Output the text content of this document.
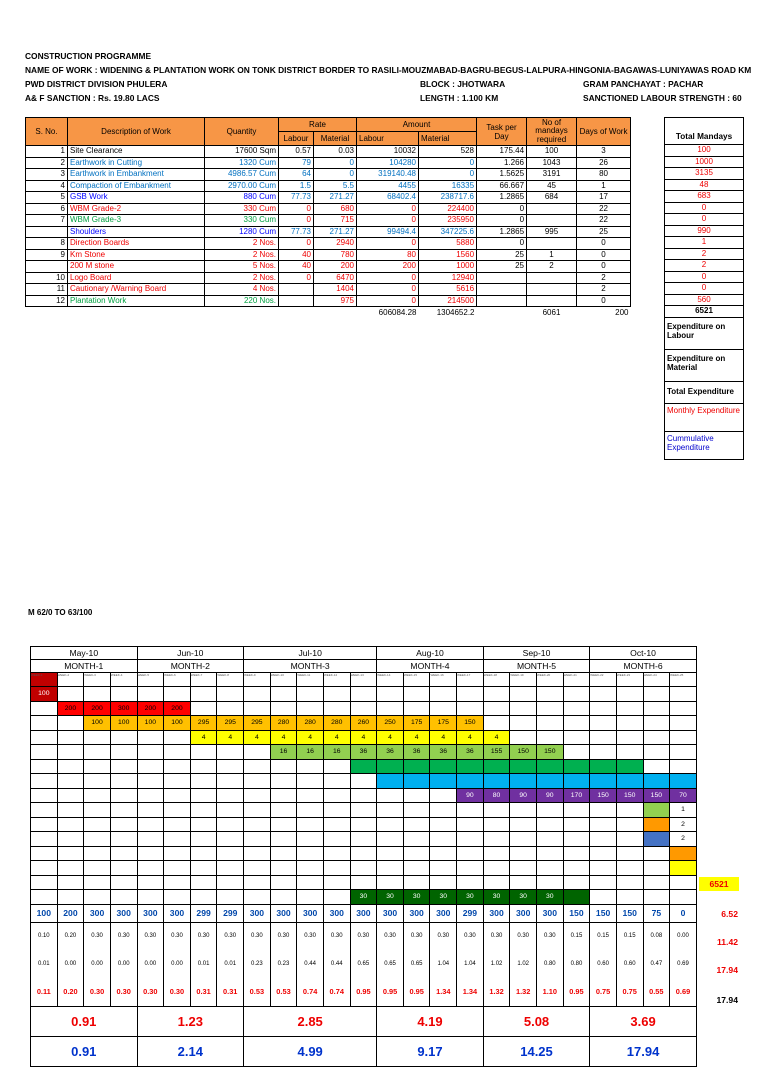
CONSTRUCTION PROGRAMME
NAME OF WORK : WIDENING & PLANTATION WORK ON TONK DISTRICT BORDER TO RASILI-MOUZMABAD-BAGRU-BEGUS-LALPURA-HINGONIA-BAGAWAS-LUNIYAWAS ROAD KM
PWD DISTRICT DIVISION PHULERA	BLOCK : JHOTWARA	GRAM PANCHAYAT : PACHAR
A& F SANCTION : Rs. 19.80 LACS	LENGTH : 1.100 KM	SANCTIONED LABOUR STRENGTH : 60
S. No.	Description of Work	Quantity	Rate		Amount		Task per Day	No of mandays required	Days of Work
			Labour	Material	Labour	Material			
1	Site Clearance	17600 Sqm	0.57	0.03	10032	528	175.44	100	3
2	Earthwork in Cutting	1320 Cum	79	0	104280	0	1.266	1043	26
3	Earthwork in Embankment	4986.57 Cum	64	0	319140.48	0	1.5625	3191	80
4	Compaction of Embankment	2970.00 Cum	1.5	5.5	4455	16335	66.667	45	1
5	GSB Work	880 Cum	77.73	271.27	68402.4	238717.6	1.2865	684	17
6	WBM Grade-2	330 Cum	0	680	0	224400	0		22
7	WBM Grade-3	330 Cum	0	715	0	235950	0		22
	Shoulders	1280 Cum	77.73	271.27	99494.4	347225.6	1.2865	995	25
8	Direction Boards	2 Nos.	0	2940	0	5880	0		0
9	Km Stone	2 Nos.	40	780	80	1560	25	1	0
	200 M stone	5 Nos.	40	200	200	1000	25	2	0
10	Logo Board	2 Nos.	0	6470	0	12940			2
11	Cautionary /Warning Board	4 Nos.		1404	0	5616			2
12	Plantation Work	220 Nos.		975	0	214500			0
					606084.28	1304652.2		6061	200
Total Mandays
100
1000
3135
48
683
0
0
990
1
2
2
0
0
560
6521
Expenditure on Labour
Expenditure on Material
Total Expenditure
Monthly Expenditure
Cummulative Expenditure
M 62/0 TO 63/100
May-10				Jun-10				Jul-10					Aug-10				Sep-10				Oct-10			
MONTH-1				MONTH-2				MONTH-3					MONTH-4				MONTH-5				MONTH-6			
WEEK-1	WEEK-2	WEEK-3	WEEK-4	WEEK-5	WEEK-6	WEEK-7	WEEK-8	WEEK-9	WEEK-10	WEEK-11	WEEK-12	WEEK-13	WEEK-14	WEEK-15	WEEK-16	WEEK-17	WEEK-18	WEEK-19	WEEK-20	WEEK-21	WEEK-22	WEEK-23	WEEK-24	WEEK-25
100																								
	200	200	300	200	200																			
		100	100	100	100	295	295	295	280	280	280	260	250	175	175	150								
						4	4	4	4	4	4	4	4	4	4	4	4							
									16	16	16	36	36	36	36	36	155	150	150					

																90	80	90	90	170	150	150	150	70
																								1
																								2
																								2

												30	30	30	30	30	30	30	30					
100	200	300	300	300	300	299	299	300	300	300	300	300	300	300	300	299	300	300	300	150	150	150	75	0
0.10	0.20	0.30	0.30	0.30	0.30	0.30	0.30	0.30	0.30	0.30	0.30	0.30	0.30	0.30	0.30	0.30	0.30	0.30	0.30	0.15	0.15	0.15	0.08	0.00
0.01	0.00	0.00	0.00	0.00	0.00	0.01	0.01	0.23	0.23	0.44	0.44	0.65	0.65	0.65	1.04	1.04	1.02	1.02	0.80	0.80	0.60	0.60	0.47	0.69
0.11	0.20	0.30	0.30	0.30	0.30	0.31	0.31	0.53	0.53	0.74	0.74	0.95	0.95	0.95	1.34	1.34	1.32	1.32	1.10	0.95	0.75	0.75	0.55	0.69
0.91				1.23				2.85					4.19				5.08				3.69			
0.91				2.14				4.99					9.17				14.25				17.94			
6521
6.52
11.42
17.94
17.94
